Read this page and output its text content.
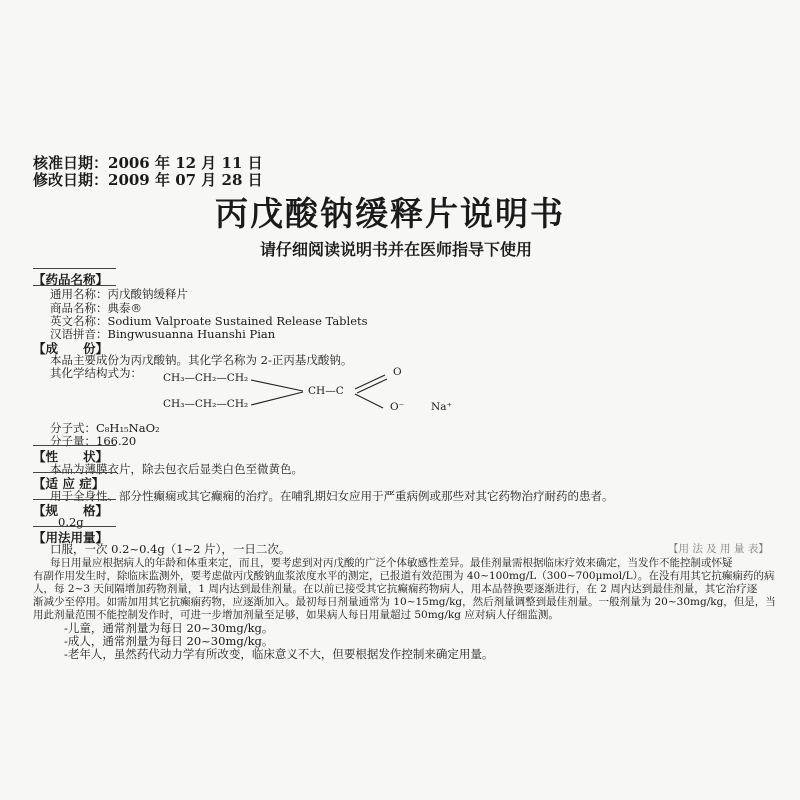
核准日期：2006 年 12 月 11 日
修改日期：2009 年 07 月 28 日
丙戊酸钠缓释片说明书
请仔细阅读说明书并在医师指导下使用
【药品名称】
通用名称：丙戊酸钠缓释片
商品名称：典泰®
英文名称：Sodium Valproate Sustained Release Tablets
汉语拼音：Bingwusuanna Huanshi Pian
【成　　份】
本品主要成份为丙戊酸钠。其化学名称为 2-正丙基戊酸钠。
其化学结构式为： CH₃—CH₂—CH₂
CH₃—CH₂—CH₂
CH—C
O
O⁻	Na⁺
分子式：C₈H₁₅NaO₂
分子量：166.20
【性　　状】
本品为薄膜衣片，除去包衣后显类白色至微黄色。
【适 应 症】
用于全身性、部分性癫痫或其它癫痫的治疗。在哺乳期妇女应用于严重病例或那些对其它药物治疗耐药的患者。
【规　　格】
0.2g
【用法用量】
【用 法 及 用 量 表】
口服，一次 0.2~0.4g（1~2 片），一日二次。
每日用量应根据病人的年龄和体重来定，而且，要考虑到对丙戊酸的广泛个体敏感性差异。最佳剂量需根据临床疗效来确定，当发作不能控制或怀疑
有副作用发生时，除临床监测外，要考虑做丙戊酸钠血浆浓度水平的测定，已报道有效范围为 40~100mg/L（300~700μmol/L）。在没有用其它抗癫痫药的病
人，每 2~3 天间隔增加药物剂量，1 周内达到最佳剂量。在以前已接受其它抗癫痫药物病人，用本品替换要逐渐进行，在 2 周内达到最佳剂量，其它治疗逐
渐减少至停用。如需加用其它抗癫痫药物，应逐渐加入。最初每日剂量通常为 10~15mg/kg，然后剂量调整到最佳剂量。一般剂量为 20~30mg/kg，但是，当
用此剂量范围不能控制发作时，可进一步增加剂量至足够，如果病人每日用量超过 50mg/kg 应对病人仔细监测。
-儿童，通常剂量为每日 20~30mg/kg。
-成人，通常剂量为每日 20~30mg/kg。
-老年人，虽然药代动力学有所改变，临床意义不大，但要根据发作控制来确定用量。
